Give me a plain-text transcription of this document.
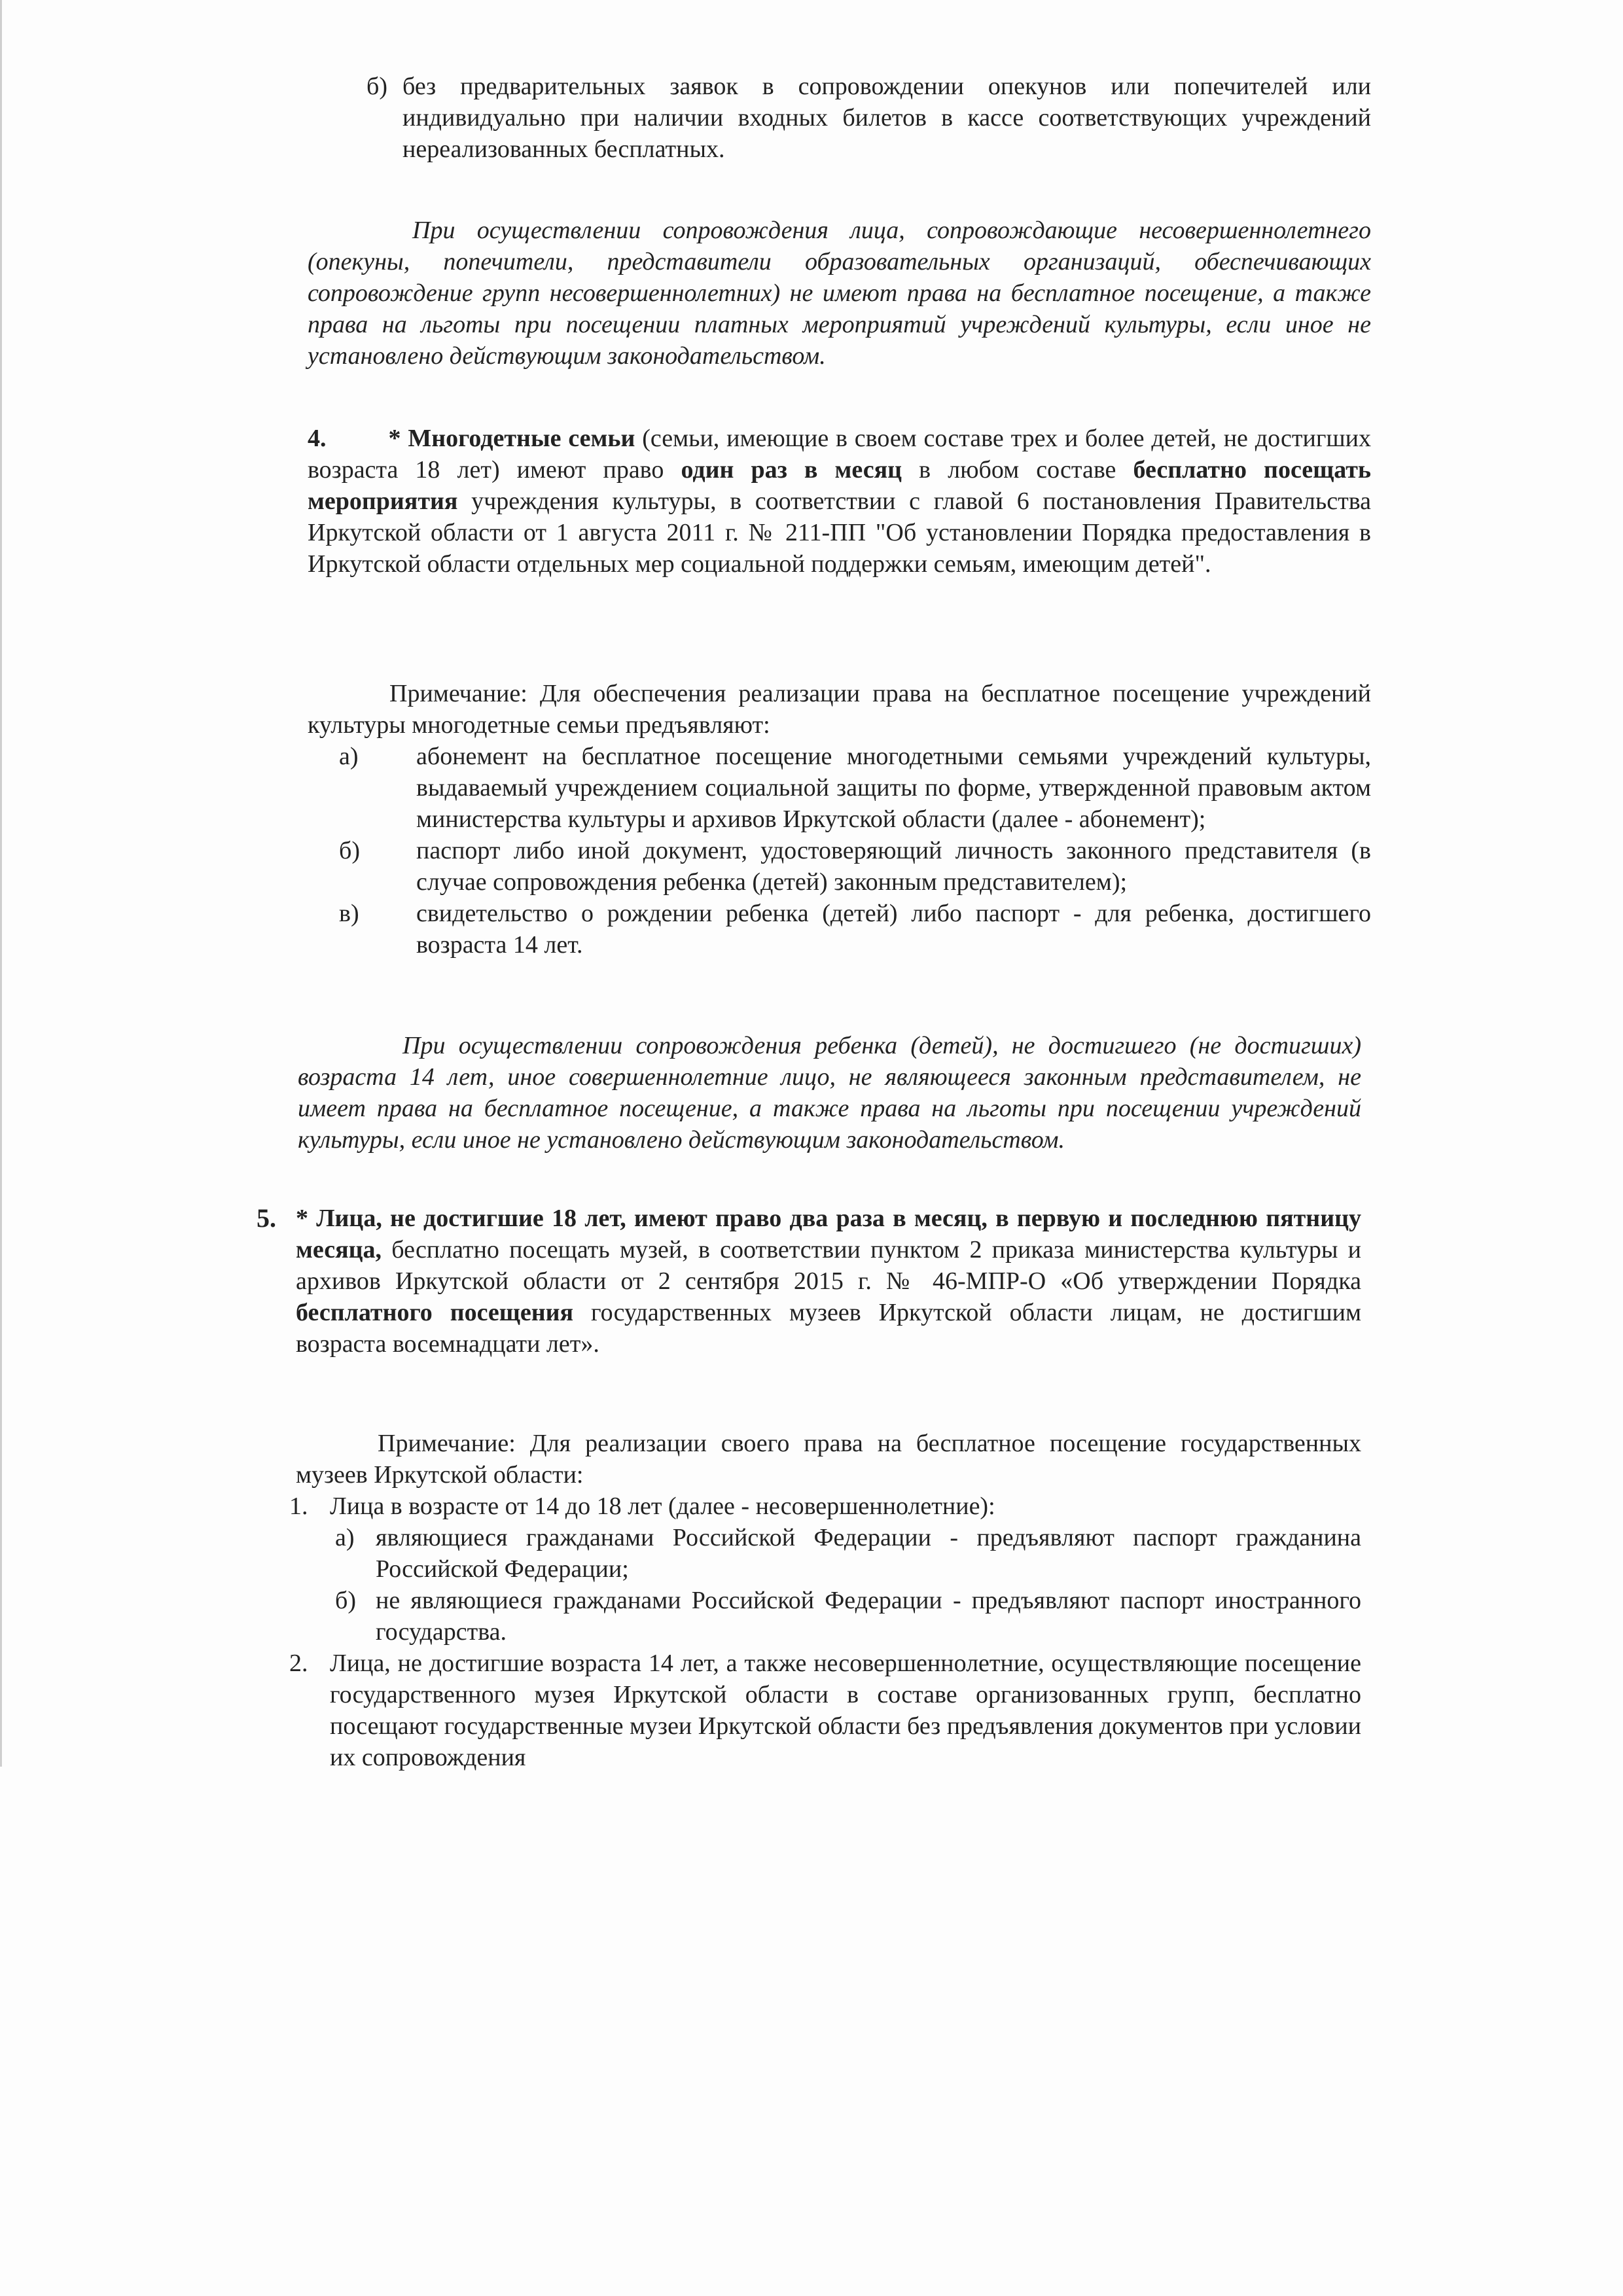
б) без предварительных заявок в сопровождении опекунов или попечителей или индивидуально при наличии входных билетов в кассе соответствующих учреждений нереализованных бесплатных.
При осуществлении сопровождения лица, сопровождающие несовершеннолетнего (опекуны, попечители, представители образовательных организаций, обеспечивающих сопровождение групп несовершеннолетних) не имеют права на бесплатное посещение, а также права на льготы при посещении платных мероприятий учреждений культуры, если иное не установлено действующим законодательством.
4.	* Многодетные семьи (семьи, имеющие в своем составе трех и более детей, не достигших возраста 18 лет) имеют право один раз в месяц в любом составе бесплатно посещать мероприятия учреждения культуры, в соответствии с главой 6 постановления Правительства Иркутской области от 1 августа 2011 г. № 211-ПП "Об установлении Порядка предоставления в Иркутской области отдельных мер социальной поддержки семьям, имеющим детей".
Примечание: Для обеспечения реализации права на бесплатное посещение учреждений культуры многодетные семьи предъявляют:
а) абонемент на бесплатное посещение многодетными семьями учреждений культуры, выдаваемый учреждением социальной защиты по форме, утвержденной правовым актом министерства культуры и архивов Иркутской области (далее - абонемент);
б) паспорт либо иной документ, удостоверяющий личность законного представителя (в случае сопровождения ребенка (детей) законным представителем);
в) свидетельство о рождении ребенка (детей) либо паспорт - для ребенка, достигшего возраста 14 лет.
При осуществлении сопровождения ребенка (детей), не достигшего (не достигших) возраста 14 лет, иное совершеннолетние лицо, не являющееся законным представителем, не имеет права на бесплатное посещение, а также права на льготы при посещении учреждений культуры, если иное не установлено действующим законодательством.
5. * Лица, не достигшие 18 лет, имеют право два раза в месяц, в первую и последнюю пятницу месяца, бесплатно посещать музей, в соответствии пунктом 2 приказа министерства культуры и архивов Иркутской области от 2 сентября 2015 г. № 46-МПР-О «Об утверждении Порядка бесплатного посещения государственных музеев Иркутской области лицам, не достигшим возраста восемнадцати лет».
Примечание: Для реализации своего права на бесплатное посещение государственных музеев Иркутской области:
1. Лица в возрасте от 14 до 18 лет (далее - несовершеннолетние):
а) являющиеся гражданами Российской Федерации - предъявляют паспорт гражданина Российской Федерации;
б) не являющиеся гражданами Российской Федерации - предъявляют паспорт иностранного государства.
2. Лица, не достигшие возраста 14 лет, а также несовершеннолетние, осуществляющие посещение государственного музея Иркутской области в составе организованных групп, бесплатно посещают государственные музеи Иркутской области без предъявления документов при условии их сопровождения
